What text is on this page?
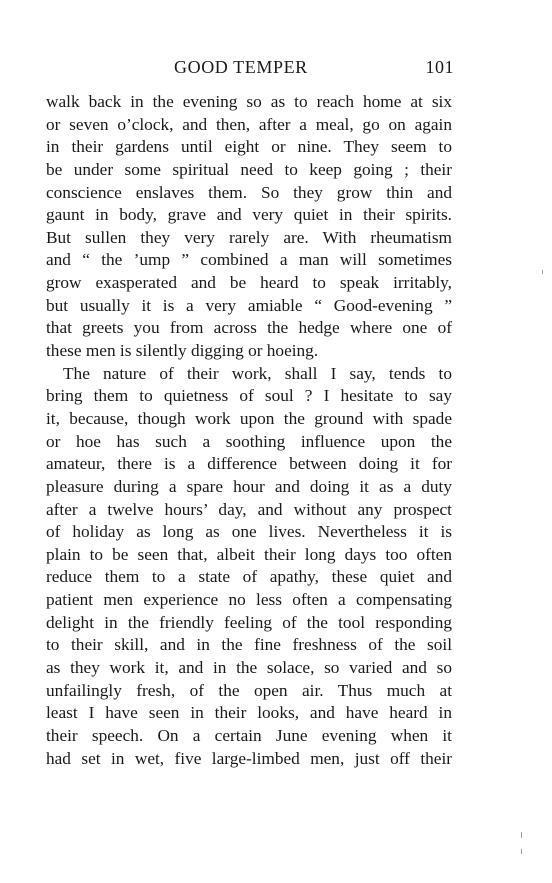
GOOD TEMPER	101
walk back in the evening so as to reach home at six
or seven o’clock, and then, after a meal, go on again
in their gardens until eight or nine. They seem to
be under some spiritual need to keep going ; their
conscience enslaves them. So they grow thin and
gaunt in body, grave and very quiet in their spirits.
But sullen they very rarely are. With rheumatism
and “ the ’ump ” combined a man will sometimes
grow exasperated and be heard to speak irritably,
but usually it is a very amiable “ Good-evening ”
that greets you from across the hedge where one of
these men is silently digging or hoeing.
The nature of their work, shall I say, tends to
bring them to quietness of soul ? I hesitate to say
it, because, though work upon the ground with spade
or hoe has such a soothing influence upon the
amateur, there is a difference between doing it for
pleasure during a spare hour and doing it as a duty
after a twelve hours’ day, and without any prospect
of holiday as long as one lives. Nevertheless it is
plain to be seen that, albeit their long days too often
reduce them to a state of apathy, these quiet and
patient men experience no less often a compensating
delight in the friendly feeling of the tool responding
to their skill, and in the fine freshness of the soil
as they work it, and in the solace, so varied and so
unfailingly fresh, of the open air. Thus much at
least I have seen in their looks, and have heard in
their speech. On a certain June evening when it
had set in wet, five large-limbed men, just off their
